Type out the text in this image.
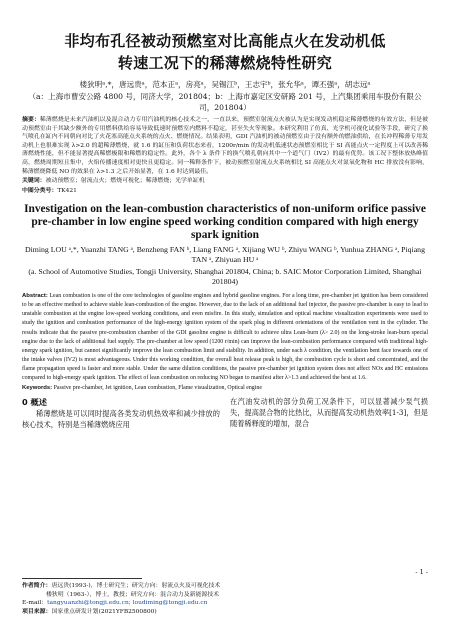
非均布孔径被动预燃室对比高能点火在发动机低
转速工况下的稀薄燃烧特性研究
楼狄明ᵃ,*，唐远贵ᵃ，范本正ᵃ，房亮ᵃ，吴锡江ᵇ，王志宇ᵇ，张允华ᵃ，谭丕强ᵃ，胡志远ᵃ
（a：上海市曹安公路 4800 号，同济大学，201804；b：上海市嘉定区安研路 201 号，上汽集团乘用车股份有限公司，201804）
摘要：稀薄燃烧是未来汽油机以及混合动力专用汽油机的核心技术之一，一直以来，预燃室射流点火被认为是实现发动机稳定稀薄燃烧的有效方法，但是被动预燃室由于其缺少额外的专用燃料供给容易导致低速时预燃室内燃料不稳定，甚至失火等现象。本研究利用了仿真、光学机可视化试验等手段，研究了换气喷孔在缸内不同朝向对比了火花塞高能点火系统的点火、燃烧情况。结果表明，GDI 汽油机的被动预燃室由于没有额外的燃油供给，在长冲程稀薄专用发动机上也很难实现 λ>2.0 的超稀薄燃烧，就 1.6 的缸压和负荷状态来看，1200r/min 的发动机低速状态预燃室相比于 SI 高能点火一定程度上可以改善稀薄燃烧性能，但不能显著提高稀燃极限和稀燃的稳定性。此外，各个 λ 条件下的换气喷孔朝向其中一个道气门（IV2）的最有优势。该工况下整体放热峰值高，燃烧周期短且集中，火焰传播速度相对更快且更稳定。同一稀释条件下，被动预燃室射流点火系统相比 SI 高能点火对氮氧化物和 HC 排放没有影响，稀薄燃烧降低 NO 的效果在 λ>1.3 之后开始显著，在 1.6 时达到最佳。
关键词：被动预燃室；射流点火；燃烧可视化；稀薄燃烧；光学单缸机
中图分类号：TK421
Investigation on the lean-combustion characteristics of non-uniform orifice passive pre-chamber in low engine speed working condition compared with high energy spark ignition
Diming LOU ᵃ,*, Yuanzhi TANG ᵃ, Benzheng FAN ᵇ, Liang FANG ᵃ, Xijiang WU ᵇ, Zhiyu WANG ᵇ, Yunhua ZHANG ᵃ, Piqiang TAN ᵃ, Zhiyuan HU ᵃ
(a. School of Automotive Studies, Tongji University, Shanghai 201804, China; b. SAIC Motor Corporation Limited, Shanghai 201804)
Abstract: Lean combustion is one of the core technologies of gasoline engines and hybrid gasoline engines. For a long time, pre-chamber jet ignition has been considered to be an effective method to achieve stable lean-combustion of the engine. However, due to the lack of an additional fuel injector, the passive pre-chamber is easy to lead to unstable combustion at the engine low-speed working conditions, and even misfire. In this study, simulation and optical machine visualization experiments were used to study the ignition and combustion performance of the high-energy ignition system of the spark plug in different orientations of the ventilation vent in the cylinder. The results indicate that the passive pre-combustion chamber of the GDI gasoline engine is difficult to achieve ultra Lean-burn (λ> 2.0) on the long-stroke lean-burn special engine due to the lack of additional fuel supply. The pre-chamber at low speed (1200 r/min) can improve the lean-combustion performance compared with traditional high-energy spark ignition, but cannot significantly improve the lean combustion limit and stability. In addition, under each λ condition, the ventilation bent face towards one of the intake valves (IV2) is most advantageous. Under this working condition, the overall heat release peak is high, the combustion cycle is short and concentrated, and the flame propagation speed is faster and more stable. Under the same dilution conditions, the passive pre-chamber jet ignition system does not affect NOx and HC emissions compared to high-energy spark ignition. The effect of lean combustion on reducing NO began to manifest after λ>1.3 and achieved the best at 1.6.
Keywords: Passive pre-chamber, Jet ignition, Lean combustion, Flame visualization, Optical engine
0 概述
稀薄燃烧是可以同时提高各类发动机热效率和减少排放的核心技术，特别是当稀薄燃烧应用
在汽油发动机的部分负荷工况条件下，可以显著减少泵气损失，提高混合物的比热比，从而提高发动机热效率[1-3]，但是随着稀释度的增加，混合
- 1 -
作者简介：唐远贵(1993-)，博士研究生；研究方向：射流点火及可视化技术
楼狄明（1963-），博士，教授；研究方向：混合动力及新能源技术
E-mail：tangyuanzhi@tongji.edu.cn; loudiming@tongji.edu.cn
项目来源：国家重点研发计划(2021YFB2500800)
